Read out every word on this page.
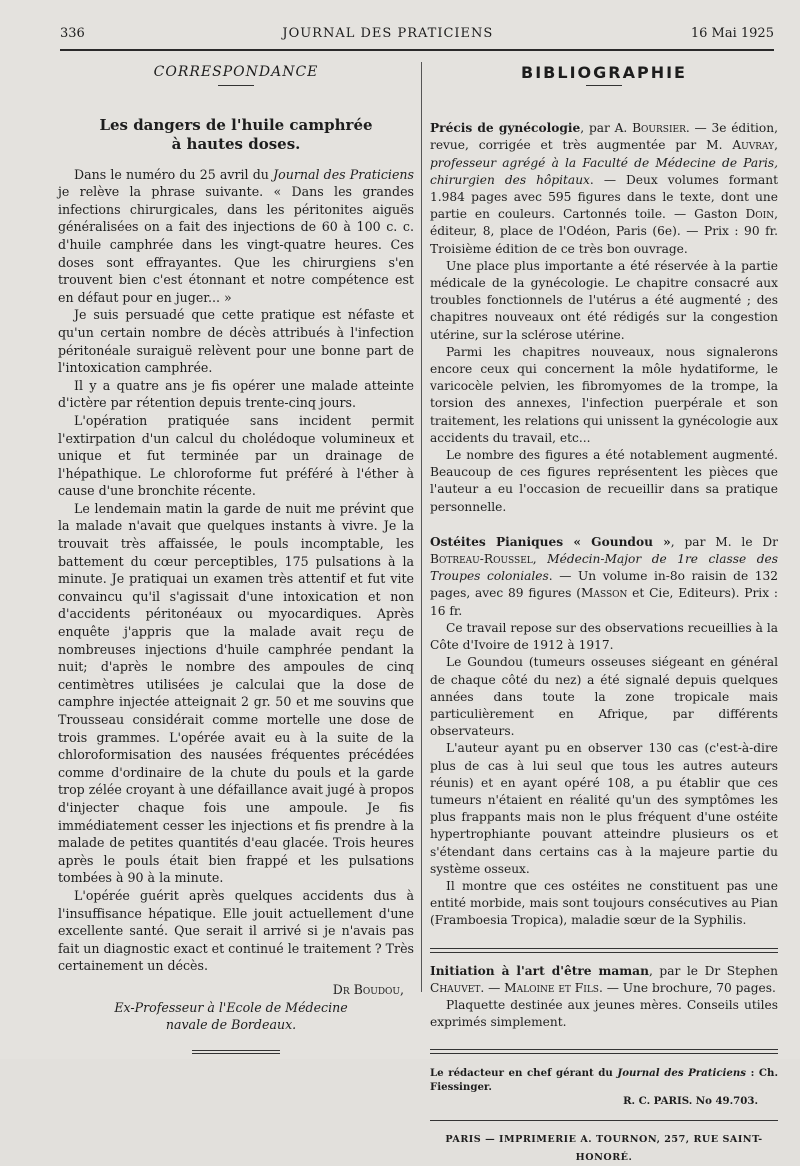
336	JOURNAL DES PRATICIENS	16 Mai 1925
CORRESPONDANCE
Les dangers de l'huile camphrée
à hautes doses.

Dans le numéro du 25 avril du Journal des Praticiens je relève la phrase suivante. « Dans les grandes infections chirurgicales, dans les péritonites aiguës généralisées on a fait des injections de 60 à 100 c. c. d'huile camphrée dans les vingt-quatre heures. Ces doses sont effrayantes. Que les chirurgiens s'en trouvent bien c'est étonnant et notre compétence est en défaut pour en juger... »

Je suis persuadé que cette pratique est néfaste et qu'un certain nombre de décès attribués à l'infection péritonéale suraiguë relèvent pour une bonne part de l'intoxication camphrée.

Il y a quatre ans je fis opérer une malade atteinte d'ictère par rétention depuis trente-cinq jours.

L'opération pratiquée sans incident permit l'extirpation d'un calcul du cholédoque volumineux et unique et fut terminée par un drainage de l'hépathique. Le chloroforme fut préféré à l'éther à cause d'une bronchite récente.

Le lendemain matin la garde de nuit me prévint que la malade n'avait que quelques instants à vivre. Je la trouvait très affaissée, le pouls incomptable, les battement du cœur perceptibles, 175 pulsations à la minute. Je pratiquai un examen très attentif et fut vite convaincu qu'il s'agissait d'une intoxication et non d'accidents péritonéaux ou myocardiques. Après enquête j'appris que la malade avait reçu de nombreuses injections d'huile camphrée pendant la nuit; d'après le nombre des ampoules de cinq centimètres utilisées je calculai que la dose de camphre injectée atteignait 2 gr. 50 et me souvins que Trousseau considérait comme mortelle une dose de trois grammes. L'opérée avait eu à la suite de la chloroformisation des nausées fréquentes précédées comme d'ordinaire de la chute du pouls et la garde trop zélée croyant à une défaillance avait jugé à propos d'injecter chaque fois une ampoule. Je fis immédiatement cesser les injections et fis prendre à la malade de petites quantités d'eau glacée. Trois heures après le pouls était bien frappé et les pulsations tombées à 90 à la minute.

L'opérée guérit après quelques accidents dus à l'insuffisance hépatique. Elle jouit actuellement d'une excellente santé. Que serait il arrivé si je n'avais pas fait un diagnostic exact et continué le traitement ? Très certainement un décès.

Dr Boudou,
Ex-Professeur à l'Ecole de Médecine
navale de Bordeaux.
BIBLIOGRAPHIE

Précis de gynécologie, par A. Boursier. — 3e édition, revue, corrigée et très augmentée par M. Auvray, professeur agrégé à la Faculté de Médecine de Paris, chirurgien des hôpitaux. — Deux volumes formant 1.984 pages avec 595 figures dans le texte, dont une partie en couleurs. Cartonnés toile. — Gaston Doin, éditeur, 8, place de l'Odéon, Paris (6e). — Prix : 90 fr. Troisième édition de ce très bon ouvrage.

Une place plus importante a été réservée à la partie médicale de la gynécologie. Le chapitre consacré aux troubles fonctionnels de l'utérus a été augmenté ; des chapitres nouveaux ont été rédigés sur la congestion utérine, sur la sclérose utérine.

Parmi les chapitres nouveaux, nous signalerons encore ceux qui concernent la môle hydatiforme, le varicocèle pelvien, les fibromyomes de la trompe, la torsion des annexes, l'infection puerpérale et son traitement, les relations qui unissent la gynécologie aux accidents du travail, etc...

Le nombre des figures a été notablement augmenté. Beaucoup de ces figures représentent les pièces que l'auteur a eu l'occasion de recueillir dans sa pratique personnelle.

Ostéites Pianiques « Goundou », par M. le Dr Botreau-Roussel, Médecin-Major de 1re classe des Troupes coloniales. — Un volume in-8o raisin de 132 pages, avec 89 figures (Masson et Cie, Editeurs). Prix : 16 fr.

Ce travail repose sur des observations recueillies à la Côte d'Ivoire de 1912 à 1917.

Le Goundou (tumeurs osseuses siégeant en général de chaque côté du nez) a été signalé depuis quelques années dans toute la zone tropicale mais particulièrement en Afrique, par différents observateurs.

L'auteur ayant pu en observer 130 cas (c'est-à-dire plus de cas à lui seul que tous les autres auteurs réunis) et en ayant opéré 108, a pu établir que ces tumeurs n'étaient en réalité qu'un des symptômes les plus frappants mais non le plus fréquent d'une ostéite hypertrophiante pouvant atteindre plusieurs os et s'étendant dans certains cas à la majeure partie du système osseux.

Il montre que ces ostéites ne constituent pas une entité morbide, mais sont toujours consécutives au Pian (Framboesia Tropica), maladie sœur de la Syphilis.

Initiation à l'art d'être maman, par le Dr Stephen Chauvet. — Maloine et Fils. — Une brochure, 70 pages.

Plaquette destinée aux jeunes mères. Conseils utiles exprimés simplement.

Le rédacteur en chef gérant du Journal des Praticiens : Ch. Fiessinger.
R. C. PARIS. No 49.703.
PARIS — IMPRIMERIE A. TOURNON, 257, RUE SAINT-HONORÉ.
